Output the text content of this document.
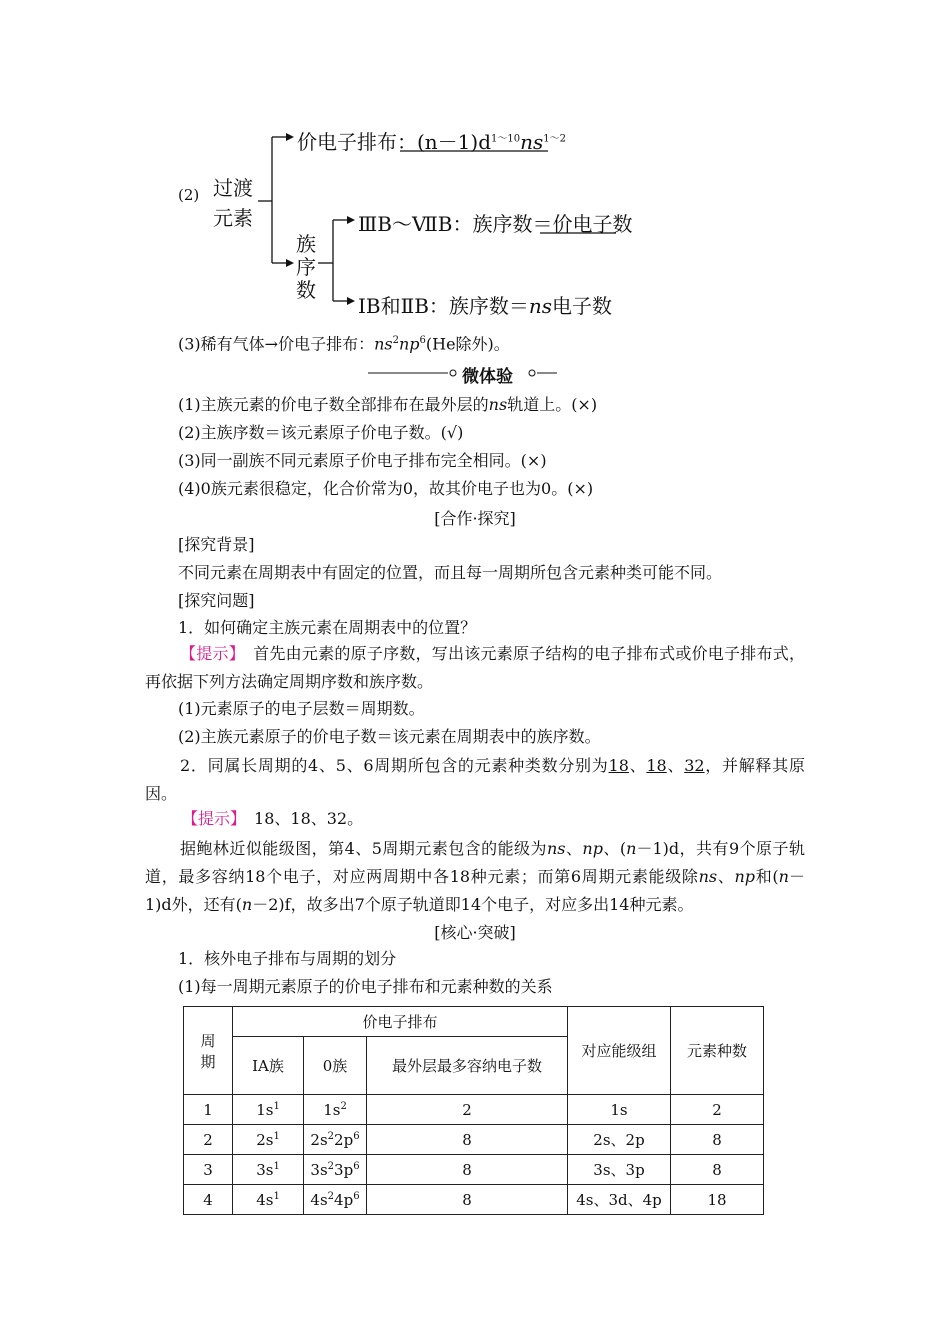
(2) 过渡
元素
价电子排布：$(n-1)d^{1\sim 10}ns^{1\sim 2}$
族
序
数
ⅢB～ⅦB：族序数＝价电子数
ⅠB和ⅡB：族序数＝ns电子数
(3)稀有气体→价电子排布：$ns^2np^6(He$除外)。
微体验
(1)主族元素的价电子数全部排布在最外层的ns轨道上。(×)
(2)主族序数＝该元素原子价电子数。(√)
(3)同一副族不同元素原子价电子排布完全相同。(×)
(4)0族元素很稳定，化合价常为0，故其价电子也为0。(×)
[合作·探究]
[探究背景]
不同元素在周期表中有固定的位置，而且每一周期所包含元素种类可能不同。
[探究问题]
1．如何确定主族元素在周期表中的位置？
【提示】　 首先由元素的原子序数，写出该元素原子结构的电子排布式或价电子排布式，再依据下列方法确定周期序数和族序数。
(1)元素原子的电子层数＝周期数。
(2)主族元素原子的价电子数＝该元素在周期表中的族序数。
2．同属长周期的4、5、6周期所包含的元素种类数分别为18、18、32，并解释其原因。
【提示】　 18、18、32。
据鲍林近似能级图，第4、5周期元素包含的能级为ns、np、(n－1)d，共有9个原子轨道，最多容纳18个电子，对应两周期中各18种元素；而第6周期元素能级除ns、np和(n－1)d外，还有(n－2)f，故多出7个原子轨道即14个电子，对应多出14种元素。
[核心·突破]
1．核外电子排布与周期的划分
(1)每一周期元素原子的价电子排布和元素种数的关系
周
期	价电子排布			对应能级组	元素种数
	ⅠA族	0族	最外层最多容纳电子数		
1	$1s^1$	$1s^2$	2	1s	2
2	$2s^1$	$2s^22p^6$	8	2s、2p	8
3	$3s^1$	$3s^23p^6$	8	3s、3p	8
4	$4s^1$	$4s^24p^6$	8	4s、3d、4p	18
